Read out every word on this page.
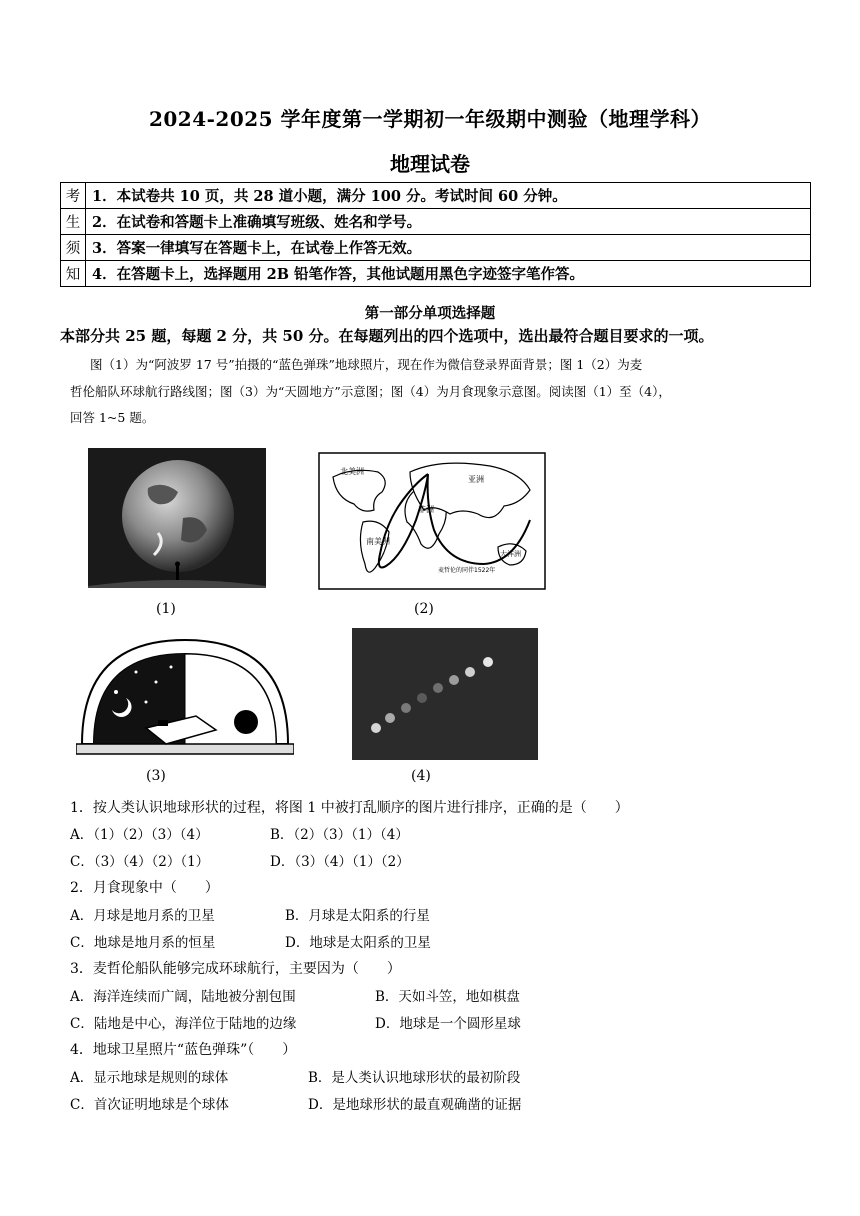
2024-2025 学年度第一学期初一年级期中测验（地理学科）
地理试卷
考	1．本试卷共 10 页，共 28 道小题，满分 100 分。考试时间 60 分钟。
生	2．在试卷和答题卡上准确填写班级、姓名和学号。
须	3．答案一律填写在答题卡上，在试卷上作答无效。
知	4．在答题卡上，选择题用 2B 铅笔作答，其他试题用黑色字迹签字笔作答。
第一部分单项选择题
本部分共 25 题，每题 2 分，共 50 分。在每题列出的四个选项中，选出最符合题目要求的一项。
图（1）为“阿波罗 17 号”拍摄的“蓝色弹珠”地球照片，现在作为微信登录界面背景；图 1（2）为麦
哲伦船队环球航行路线图；图（3）为“天圆地方”示意图；图（4）为月食现象示意图。阅读图（1）至（4），
回答 1~5 题。
(1)
北美洲
南美洲
非洲
亚洲
大洋洲
麦哲伦的同伴1522年
(2)
(3)	(4)
1．按人类认识地球形状的过程，将图 1 中被打乱顺序的图片进行排序，正确的是（　　）
A．（1）（2）（3）（4）	B．（2）（3）（1）（4）
C．（3）（4）（2）（1）	D．（3）（4）（1）（2）
2．月食现象中（　　）
A．月球是地月系的卫星	B．月球是太阳系的行星
C．地球是地月系的恒星	D．地球是太阳系的卫星
3．麦哲伦船队能够完成环球航行，主要因为（　　）
A．海洋连续而广阔，陆地被分割包围	B．天如斗笠，地如棋盘
C．陆地是中心，海洋位于陆地的边缘	D．地球是一个圆形星球
4．地球卫星照片“蓝色弹珠”（　　）
A．显示地球是规则的球体	B．是人类认识地球形状的最初阶段
C．首次证明地球是个球体	D．是地球形状的最直观确凿的证据
